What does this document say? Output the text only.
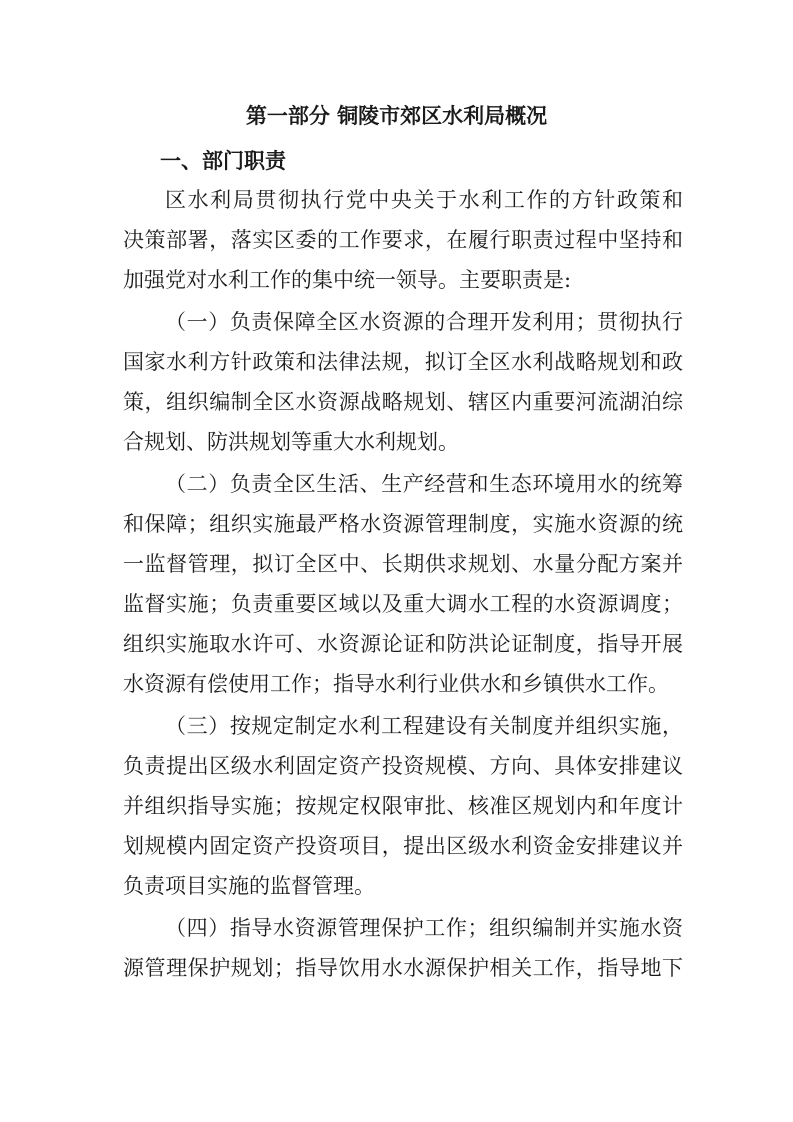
第一部分 铜陵市郊区水利局概况
一、部门职责
区水利局贯彻执行党中央关于水利工作的方针政策和
决策部署，落实区委的工作要求，在履行职责过程中坚持和
加强党对水利工作的集中统一领导。主要职责是:
（一）负责保障全区水资源的合理开发利用；贯彻执行
国家水利方针政策和法律法规，拟订全区水利战略规划和政
策，组织编制全区水资源战略规划、辖区内重要河流湖泊综
合规划、防洪规划等重大水利规划。
（二）负责全区生活、生产经营和生态环境用水的统筹
和保障；组织实施最严格水资源管理制度，实施水资源的统
一监督管理，拟订全区中、长期供求规划、水量分配方案并
监督实施；负责重要区域以及重大调水工程的水资源调度；
组织实施取水许可、水资源论证和防洪论证制度，指导开展
水资源有偿使用工作；指导水利行业供水和乡镇供水工作。
（三）按规定制定水利工程建设有关制度并组织实施，
负责提出区级水利固定资产投资规模、方向、具体安排建议
并组织指导实施；按规定权限审批、核准区规划内和年度计
划规模内固定资产投资项目，提出区级水利资金安排建议并
负责项目实施的监督管理。
（四）指导水资源管理保护工作；组织编制并实施水资
源管理保护规划；指导饮用水水源保护相关工作，指导地下
